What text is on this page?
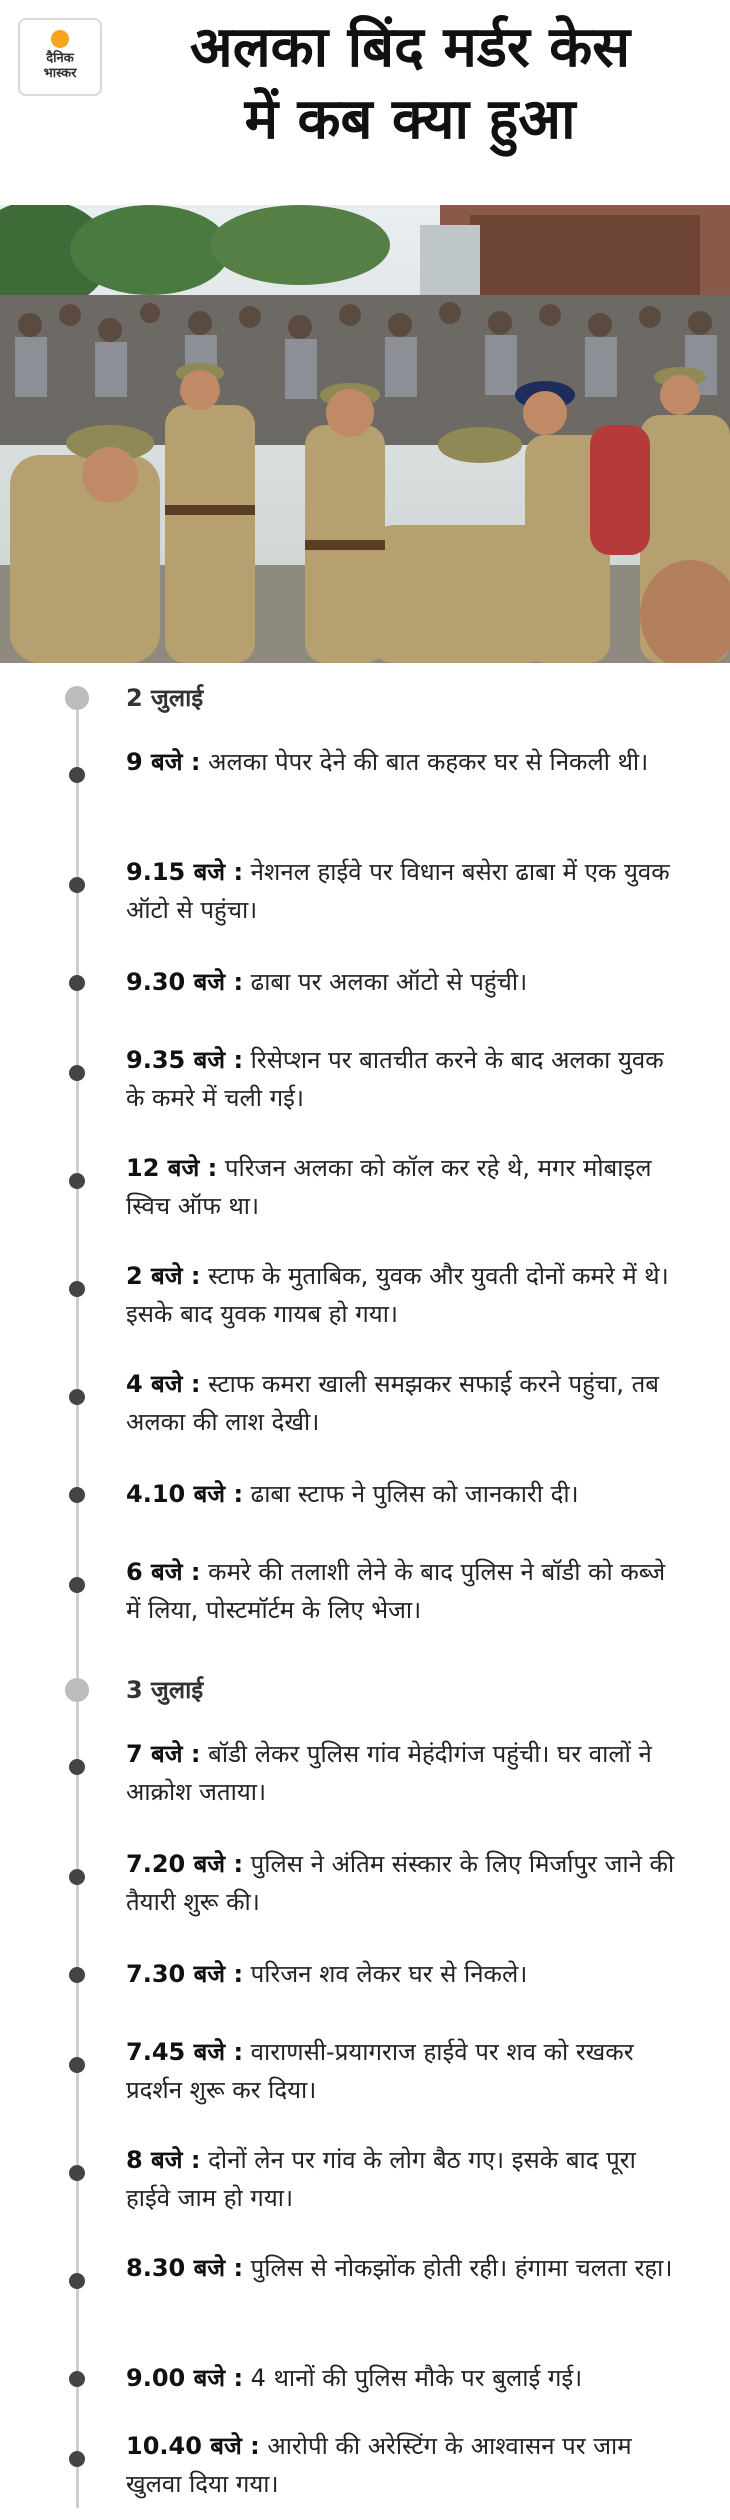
दैनिक
भास्कर	अलका बिंद मर्डर केस
में कब क्या हुआ
2 जुलाई
9 बजे : अलका पेपर देने की बात कहकर घर से निकली थी।
9.15 बजे : नेशनल हाईवे पर विधान बसेरा ढाबा में एक युवक ऑटो से पहुंचा।
9.30 बजे : ढाबा पर अलका ऑटो से पहुंची।
9.35 बजे : रिसेप्शन पर बातचीत करने के बाद अलका युवक के कमरे में चली गई।
12 बजे : परिजन अलका को कॉल कर रहे थे, मगर मोबाइल स्विच ऑफ था।
2 बजे : स्टाफ के मुताबिक, युवक और युवती दोनों कमरे में थे। इसके बाद युवक गायब हो गया।
4 बजे : स्टाफ कमरा खाली समझकर सफाई करने पहुंचा, तब अलका की लाश देखी।
4.10 बजे : ढाबा स्टाफ ने पुलिस को जानकारी दी।
6 बजे : कमरे की तलाशी लेने के बाद पुलिस ने बॉडी को कब्जे में लिया, पोस्टमॉर्टम के लिए भेजा।
3 जुलाई
7 बजे : बॉडी लेकर पुलिस गांव मेहंदीगंज पहुंची। घर वालों ने आक्रोश जताया।
7.20 बजे : पुलिस ने अंतिम संस्कार के लिए मिर्जापुर जाने की तैयारी शुरू की।
7.30 बजे : परिजन शव लेकर घर से निकले।
7.45 बजे : वाराणसी-प्रयागराज हाईवे पर शव को रखकर प्रदर्शन शुरू कर दिया।
8 बजे : दोनों लेन पर गांव के लोग बैठ गए। इसके बाद पूरा हाईवे जाम हो गया।
8.30 बजे : पुलिस से नोकझोंक होती रही। हंगामा चलता रहा।
9.00 बजे : 4 थानों की पुलिस मौके पर बुलाई गई।
10.40 बजे : आरोपी की अरेस्टिंग के आश्वासन पर जाम खुलवा दिया गया।
